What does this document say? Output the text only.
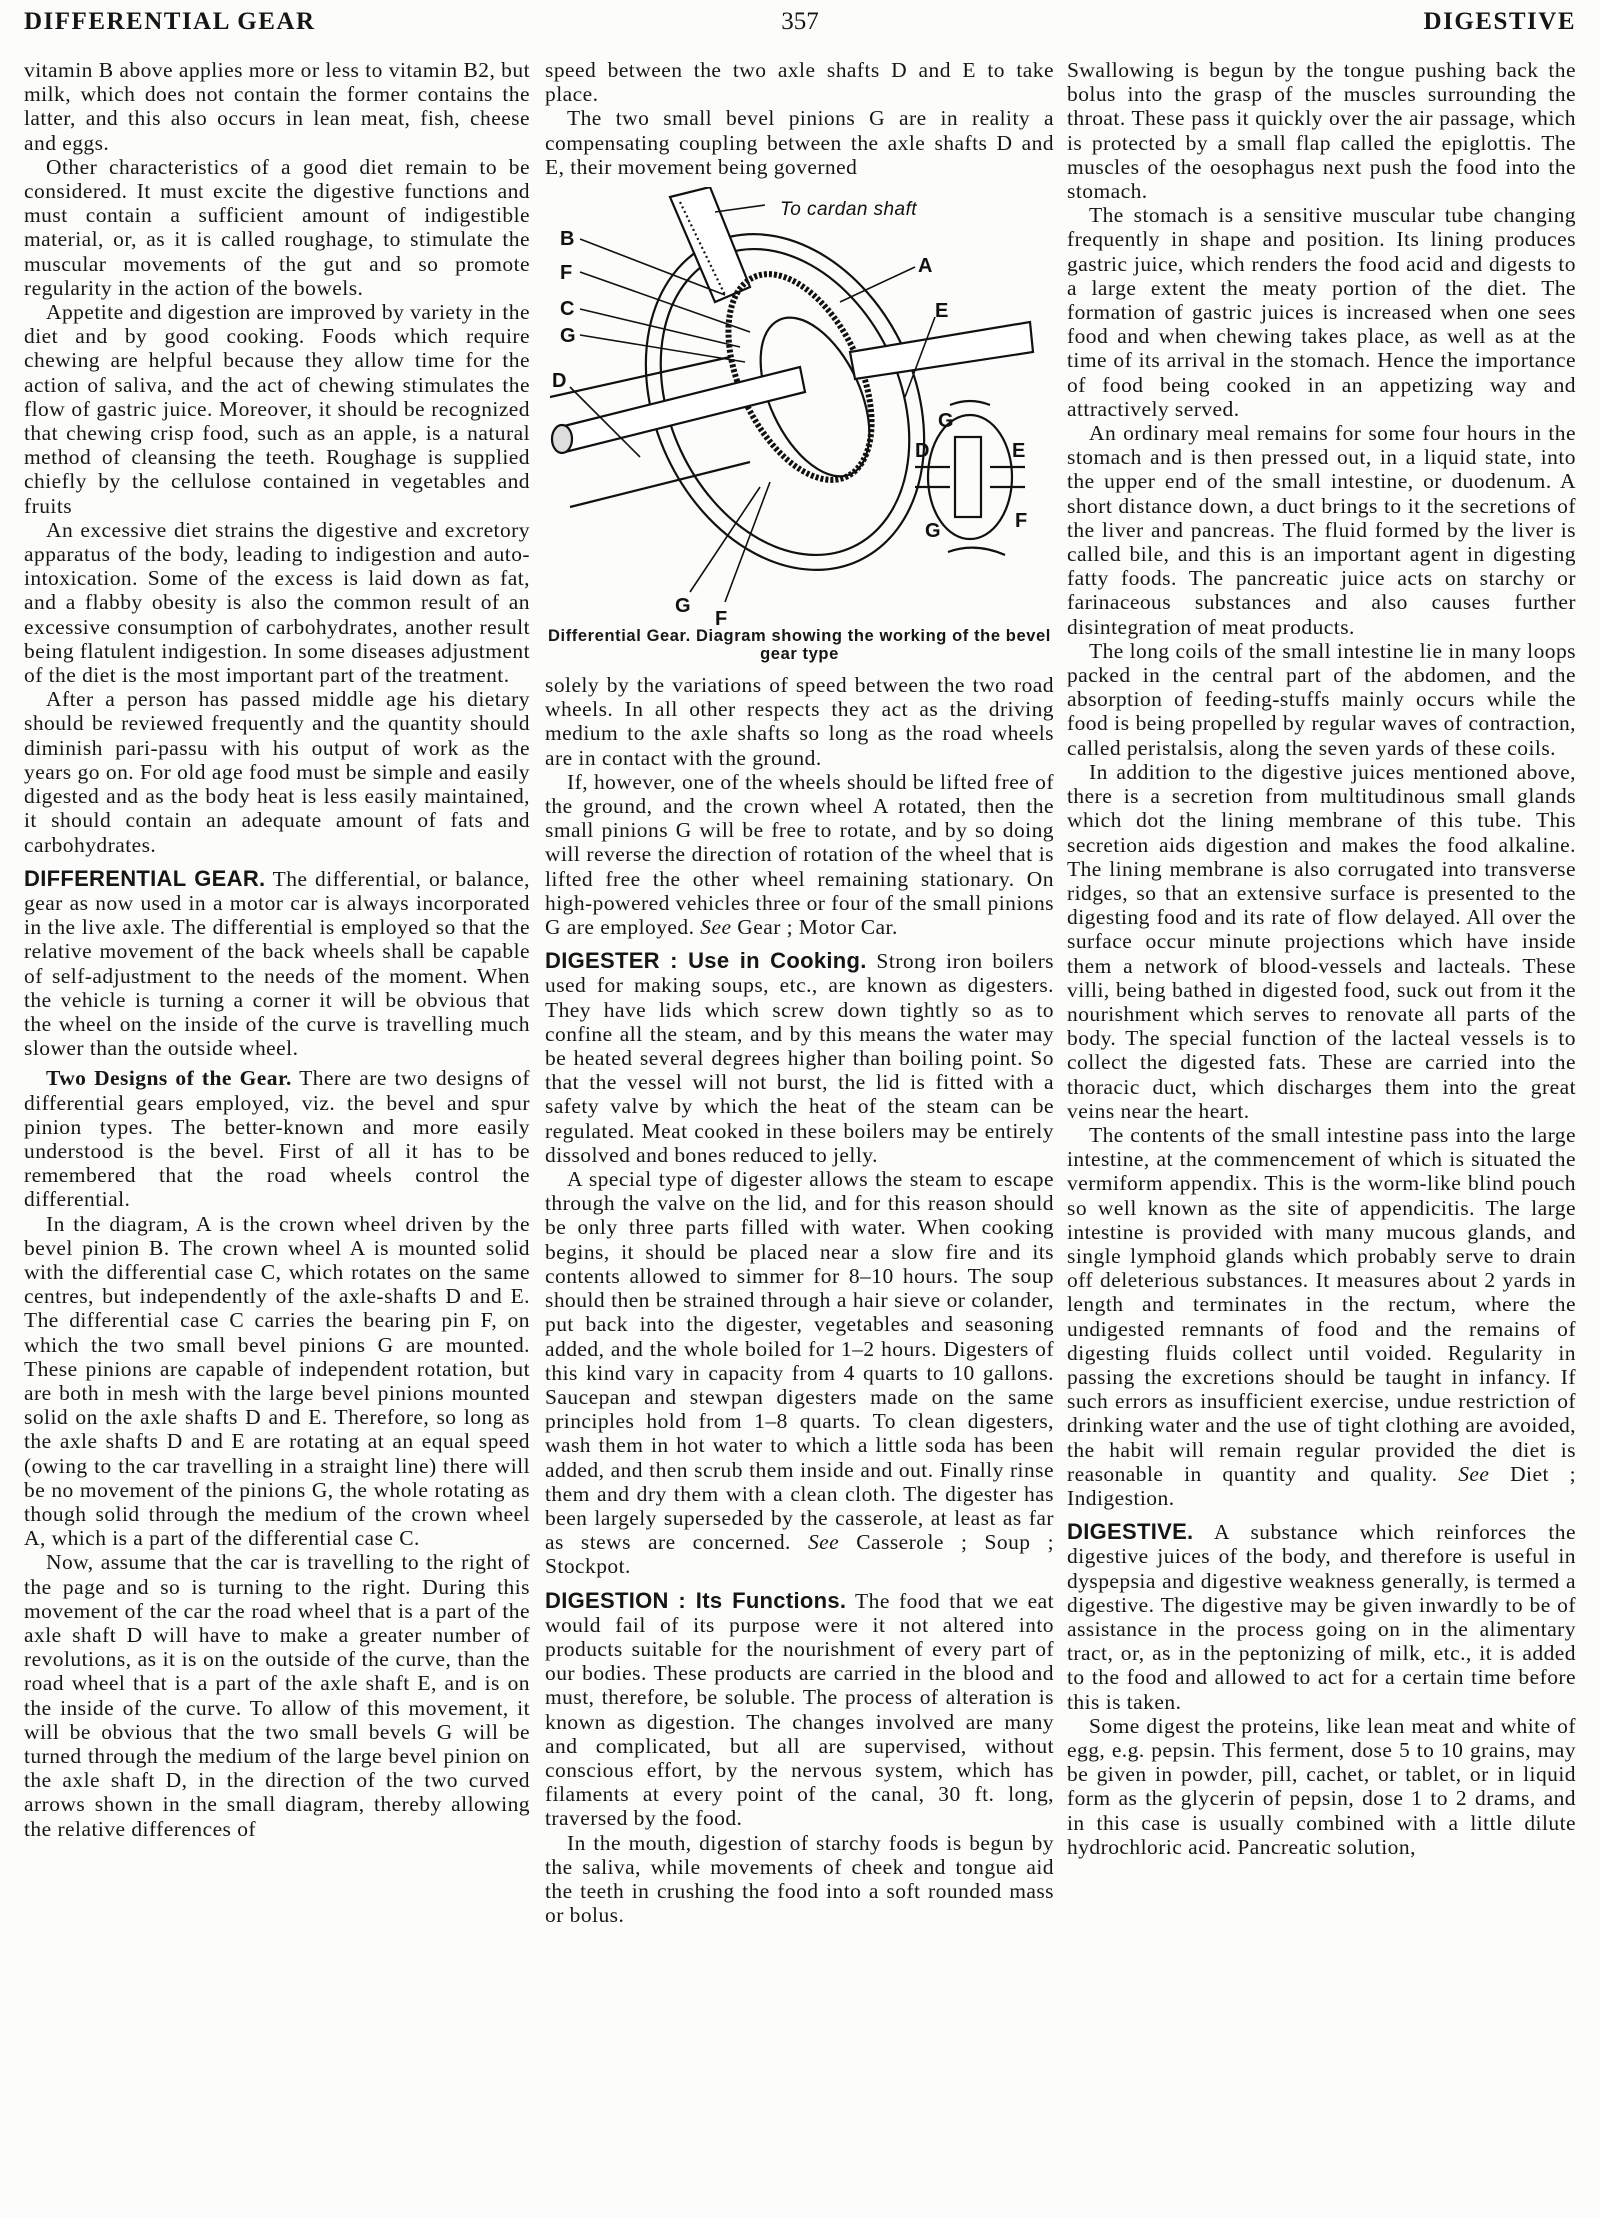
DIFFERENTIAL GEAR	357	DIGESTIVE

vitamin B above applies more or less to vitamin B2, but milk, which does not contain the former contains the latter, and this also occurs in lean meat, fish, cheese and eggs.

Other characteristics of a good diet remain to be considered. It must excite the digestive functions and must contain a sufficient amount of indigestible material, or, as it is called roughage, to stimulate the muscular movements of the gut and so promote regularity in the action of the bowels.

Appetite and digestion are improved by variety in the diet and by good cooking. Foods which require chewing are helpful because they allow time for the action of saliva, and the act of chewing stimulates the flow of gastric juice. Moreover, it should be recognized that chewing crisp food, such as an apple, is a natural method of cleansing the teeth. Roughage is supplied chiefly by the cellulose contained in vegetables and fruits

An excessive diet strains the digestive and excretory apparatus of the body, leading to indigestion and auto-intoxication. Some of the excess is laid down as fat, and a flabby obesity is also the common result of an excessive consumption of carbohydrates, another result being flatulent indigestion. In some diseases adjustment of the diet is the most important part of the treatment.

After a person has passed middle age his dietary should be reviewed frequently and the quantity should diminish pari-passu with his output of work as the years go on. For old age food must be simple and easily digested and as the body heat is less easily maintained, it should contain an adequate amount of fats and carbohydrates.

DIFFERENTIAL GEAR. The differential, or balance, gear as now used in a motor car is always incorporated in the live axle. The differential is employed so that the relative movement of the back wheels shall be capable of self-adjustment to the needs of the moment. When the vehicle is turning a corner it will be obvious that the wheel on the inside of the curve is travelling much slower than the outside wheel.

Two Designs of the Gear. There are two designs of differential gears employed, viz. the bevel and spur pinion types. The better-known and more easily understood is the bevel. First of all it has to be remembered that the road wheels control the differential.

In the diagram, A is the crown wheel driven by the bevel pinion B. The crown wheel A is mounted solid with the differential case C, which rotates on the same centres, but independently of the axle-shafts D and E. The differential case C carries the bearing pin F, on which the two small bevel pinions G are mounted. These pinions are capable of independent rotation, but are both in mesh with the large bevel pinions mounted solid on the axle shafts D and E. Therefore, so long as the axle shafts D and E are rotating at an equal speed (owing to the car travelling in a straight line) there will be no movement of the pinions G, the whole rotating as though solid through the medium of the crown wheel A, which is a part of the differential case C.

Now, assume that the car is travelling to the right of the page and so is turning to the right. During this movement of the car the road wheel that is a part of the axle shaft D will have to make a greater number of revolutions, as it is on the outside of the curve, than the road wheel that is a part of the axle shaft E, and is on the inside of the curve. To allow of this movement, it will be obvious that the two small bevels G will be turned through the medium of the large bevel pinion on the axle shaft D, in the direction of the two curved arrows shown in the small diagram, thereby allowing the relative differences of

speed between the two axle shafts D and E to take place.

The two small bevel pinions G are in reality a compensating coupling between the axle shafts D and E, their movement being governed

To cardan shaft
B
F
C
G
D
A
E
G
F
G
D	E
G	F
Differential Gear. Diagram showing the working of the bevel gear type

solely by the variations of speed between the two road wheels. In all other respects they act as the driving medium to the axle shafts so long as the road wheels are in contact with the ground.

If, however, one of the wheels should be lifted free of the ground, and the crown wheel A rotated, then the small pinions G will be free to rotate, and by so doing will reverse the direction of rotation of the wheel that is lifted free the other wheel remaining stationary. On high-powered vehicles three or four of the small pinions G are employed. See Gear ; Motor Car.

DIGESTER : Use in Cooking. Strong iron boilers used for making soups, etc., are known as digesters. They have lids which screw down tightly so as to confine all the steam, and by this means the water may be heated several degrees higher than boiling point. So that the vessel will not burst, the lid is fitted with a safety valve by which the heat of the steam can be regulated. Meat cooked in these boilers may be entirely dissolved and bones reduced to jelly.

A special type of digester allows the steam to escape through the valve on the lid, and for this reason should be only three parts filled with water. When cooking begins, it should be placed near a slow fire and its contents allowed to simmer for 8–10 hours. The soup should then be strained through a hair sieve or colander, put back into the digester, vegetables and seasoning added, and the whole boiled for 1–2 hours. Digesters of this kind vary in capacity from 4 quarts to 10 gallons. Saucepan and stewpan digesters made on the same principles hold from 1–8 quarts. To clean digesters, wash them in hot water to which a little soda has been added, and then scrub them inside and out. Finally rinse them and dry them with a clean cloth. The digester has been largely superseded by the casserole, at least as far as stews are concerned. See Casserole ; Soup ; Stockpot.

DIGESTION : Its Functions. The food that we eat would fail of its purpose were it not altered into products suitable for the nourishment of every part of our bodies. These products are carried in the blood and must, therefore, be soluble. The process of alteration is known as digestion. The changes involved are many and complicated, but all are supervised, without conscious effort, by the nervous system, which has filaments at every point of the canal, 30 ft. long, traversed by the food.

In the mouth, digestion of starchy foods is begun by the saliva, while movements of cheek and tongue aid the teeth in crushing the food into a soft rounded mass or bolus.

Swallowing is begun by the tongue pushing back the bolus into the grasp of the muscles surrounding the throat. These pass it quickly over the air passage, which is protected by a small flap called the epiglottis. The muscles of the oesophagus next push the food into the stomach.

The stomach is a sensitive muscular tube changing frequently in shape and position. Its lining produces gastric juice, which renders the food acid and digests to a large extent the meaty portion of the diet. The formation of gastric juices is increased when one sees food and when chewing takes place, as well as at the time of its arrival in the stomach. Hence the importance of food being cooked in an appetizing way and attractively served.

An ordinary meal remains for some four hours in the stomach and is then pressed out, in a liquid state, into the upper end of the small intestine, or duodenum. A short distance down, a duct brings to it the secretions of the liver and pancreas. The fluid formed by the liver is called bile, and this is an important agent in digesting fatty foods. The pancreatic juice acts on starchy or farinaceous substances and also causes further disintegration of meat products.

The long coils of the small intestine lie in many loops packed in the central part of the abdomen, and the absorption of feeding-stuffs mainly occurs while the food is being propelled by regular waves of contraction, called peristalsis, along the seven yards of these coils.

In addition to the digestive juices mentioned above, there is a secretion from multitudinous small glands which dot the lining membrane of this tube. This secretion aids digestion and makes the food alkaline. The lining membrane is also corrugated into transverse ridges, so that an extensive surface is presented to the digesting food and its rate of flow delayed. All over the surface occur minute projections which have inside them a network of blood-vessels and lacteals. These villi, being bathed in digested food, suck out from it the nourishment which serves to renovate all parts of the body. The special function of the lacteal vessels is to collect the digested fats. These are carried into the thoracic duct, which discharges them into the great veins near the heart.

The contents of the small intestine pass into the large intestine, at the commencement of which is situated the vermiform appendix. This is the worm-like blind pouch so well known as the site of appendicitis. The large intestine is provided with many mucous glands, and single lymphoid glands which probably serve to drain off deleterious substances. It measures about 2 yards in length and terminates in the rectum, where the undigested remnants of food and the remains of digesting fluids collect until voided. Regularity in passing the excretions should be taught in infancy. If such errors as insufficient exercise, undue restriction of drinking water and the use of tight clothing are avoided, the habit will remain regular provided the diet is reasonable in quantity and quality. See Diet ; Indigestion.

DIGESTIVE. A substance which reinforces the digestive juices of the body, and therefore is useful in dyspepsia and digestive weakness generally, is termed a digestive. The digestive may be given inwardly to be of assistance in the process going on in the alimentary tract, or, as in the peptonizing of milk, etc., it is added to the food and allowed to act for a certain time before this is taken.

Some digest the proteins, like lean meat and white of egg, e.g. pepsin. This ferment, dose 5 to 10 grains, may be given in powder, pill, cachet, or tablet, or in liquid form as the glycerin of pepsin, dose 1 to 2 drams, and in this case is usually combined with a little dilute hydrochloric acid. Pancreatic solution,
